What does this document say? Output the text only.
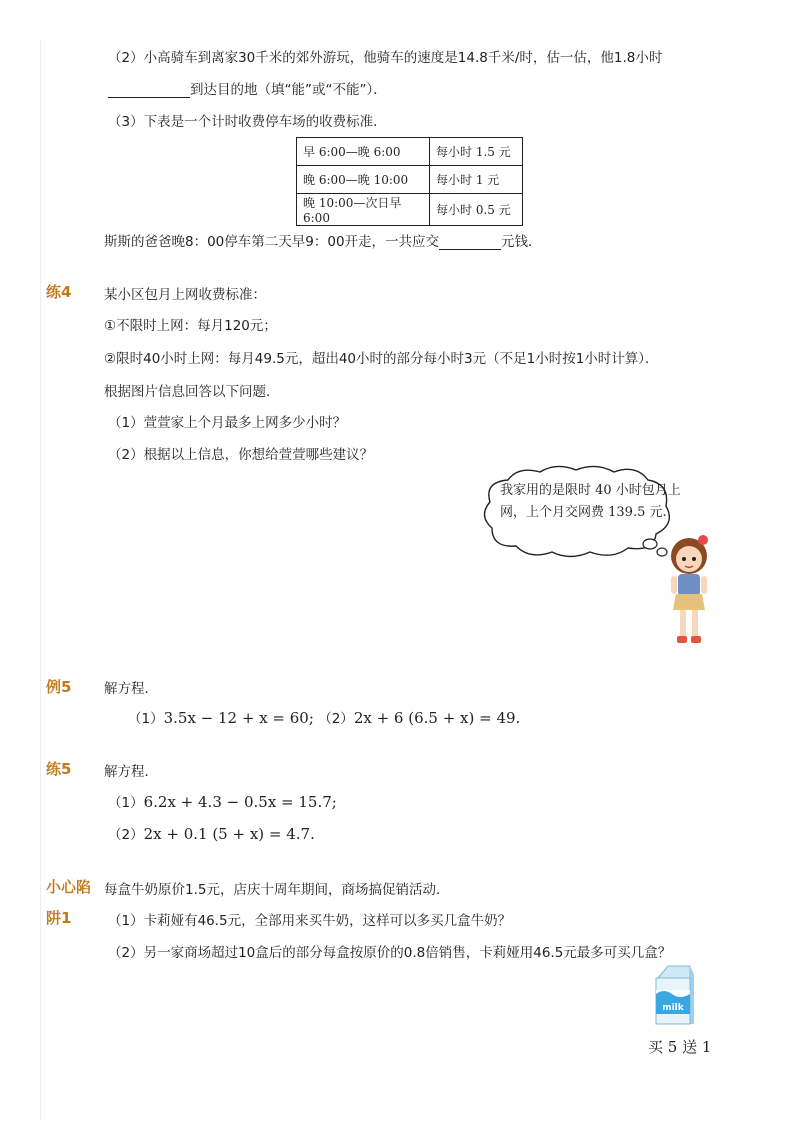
（2）小高骑车到离家30千米的郊外游玩，他骑车的速度是14.8千米/时，估一估，他1.8小时
到达目的地（填“能”或“不能”）．
（3）下表是一个计时收费停车场的收费标准．
早 6:00—晚 6:00	每小时 1.5 元
晚 6:00—晚 10:00	每小时 1 元
晚 10:00—次日早 6:00	每小时 0.5 元
斯斯的爸爸晚8：00停车第二天早9：00开走，一共应交	元钱．
练4 某小区包月上网收费标准：
①不限时上网：每月120元；
②限时40小时上网：每月49.5元，超出40小时的部分每小时3元（不足1小时按1小时计算）．
根据图片信息回答以下问题．
（1）萱萱家上个月最多上网多少小时？
（2）根据以上信息，你想给萱萱哪些建议？
我家用的是限时 40 小时包月上网，上个月交网费 139.5 元.
例5 解方程．
（1）3.5x − 12 + x = 60; （2）2x + 6 (6.5 + x) = 49.
练5 解方程．
（1）6.2x + 4.3 − 0.5x = 15.7;
（2）2x + 0.1 (5 + x) = 4.7.
小心陷
阱1
每盒牛奶原价1.5元，店庆十周年期间，商场搞促销活动．
（1）卡莉娅有46.5元，全部用来买牛奶，这样可以多买几盒牛奶？
（2）另一家商场超过10盒后的部分每盒按原价的0.8倍销售，卡莉娅用46.5元最多可买几盒？
milk
买 5 送 1
